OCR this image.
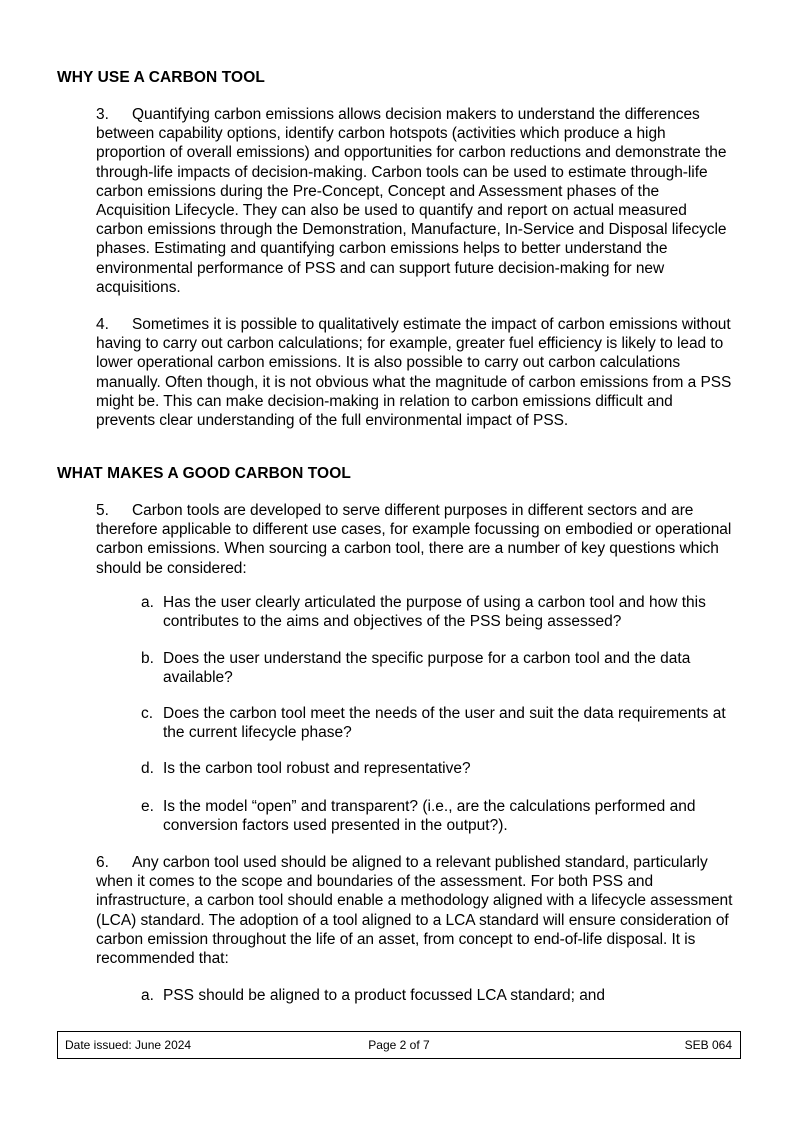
WHY USE A CARBON TOOL

3. Quantifying carbon emissions allows decision makers to understand the differences between capability options, identify carbon hotspots (activities which produce a high proportion of overall emissions) and opportunities for carbon reductions and demonstrate the through-life impacts of decision-making. Carbon tools can be used to estimate through-life carbon emissions during the Pre-Concept, Concept and Assessment phases of the Acquisition Lifecycle. They can also be used to quantify and report on actual measured carbon emissions through the Demonstration, Manufacture, In-Service and Disposal lifecycle phases. Estimating and quantifying carbon emissions helps to better understand the environmental performance of PSS and can support future decision-making for new acquisitions.

4. Sometimes it is possible to qualitatively estimate the impact of carbon emissions without having to carry out carbon calculations; for example, greater fuel efficiency is likely to lead to lower operational carbon emissions. It is also possible to carry out carbon calculations manually. Often though, it is not obvious what the magnitude of carbon emissions from a PSS might be. This can make decision-making in relation to carbon emissions difficult and prevents clear understanding of the full environmental impact of PSS.

WHAT MAKES A GOOD CARBON TOOL

5. Carbon tools are developed to serve different purposes in different sectors and are therefore applicable to different use cases, for example focussing on embodied or operational carbon emissions. When sourcing a carbon tool, there are a number of key questions which should be considered:

a. Has the user clearly articulated the purpose of using a carbon tool and how this contributes to the aims and objectives of the PSS being assessed?
b. Does the user understand the specific purpose for a carbon tool and the data available?
c. Does the carbon tool meet the needs of the user and suit the data requirements at the current lifecycle phase?
d. Is the carbon tool robust and representative?
e. Is the model “open” and transparent? (i.e., are the calculations performed and conversion factors used presented in the output?).

6. Any carbon tool used should be aligned to a relevant published standard, particularly when it comes to the scope and boundaries of the assessment. For both PSS and infrastructure, a carbon tool should enable a methodology aligned with a lifecycle assessment (LCA) standard. The adoption of a tool aligned to a LCA standard will ensure consideration of carbon emission throughout the life of an asset, from concept to end-of-life disposal. It is recommended that:

a. PSS should be aligned to a product focussed LCA standard; and
Date issued: June 2024	Page 2 of 7	SEB 064
